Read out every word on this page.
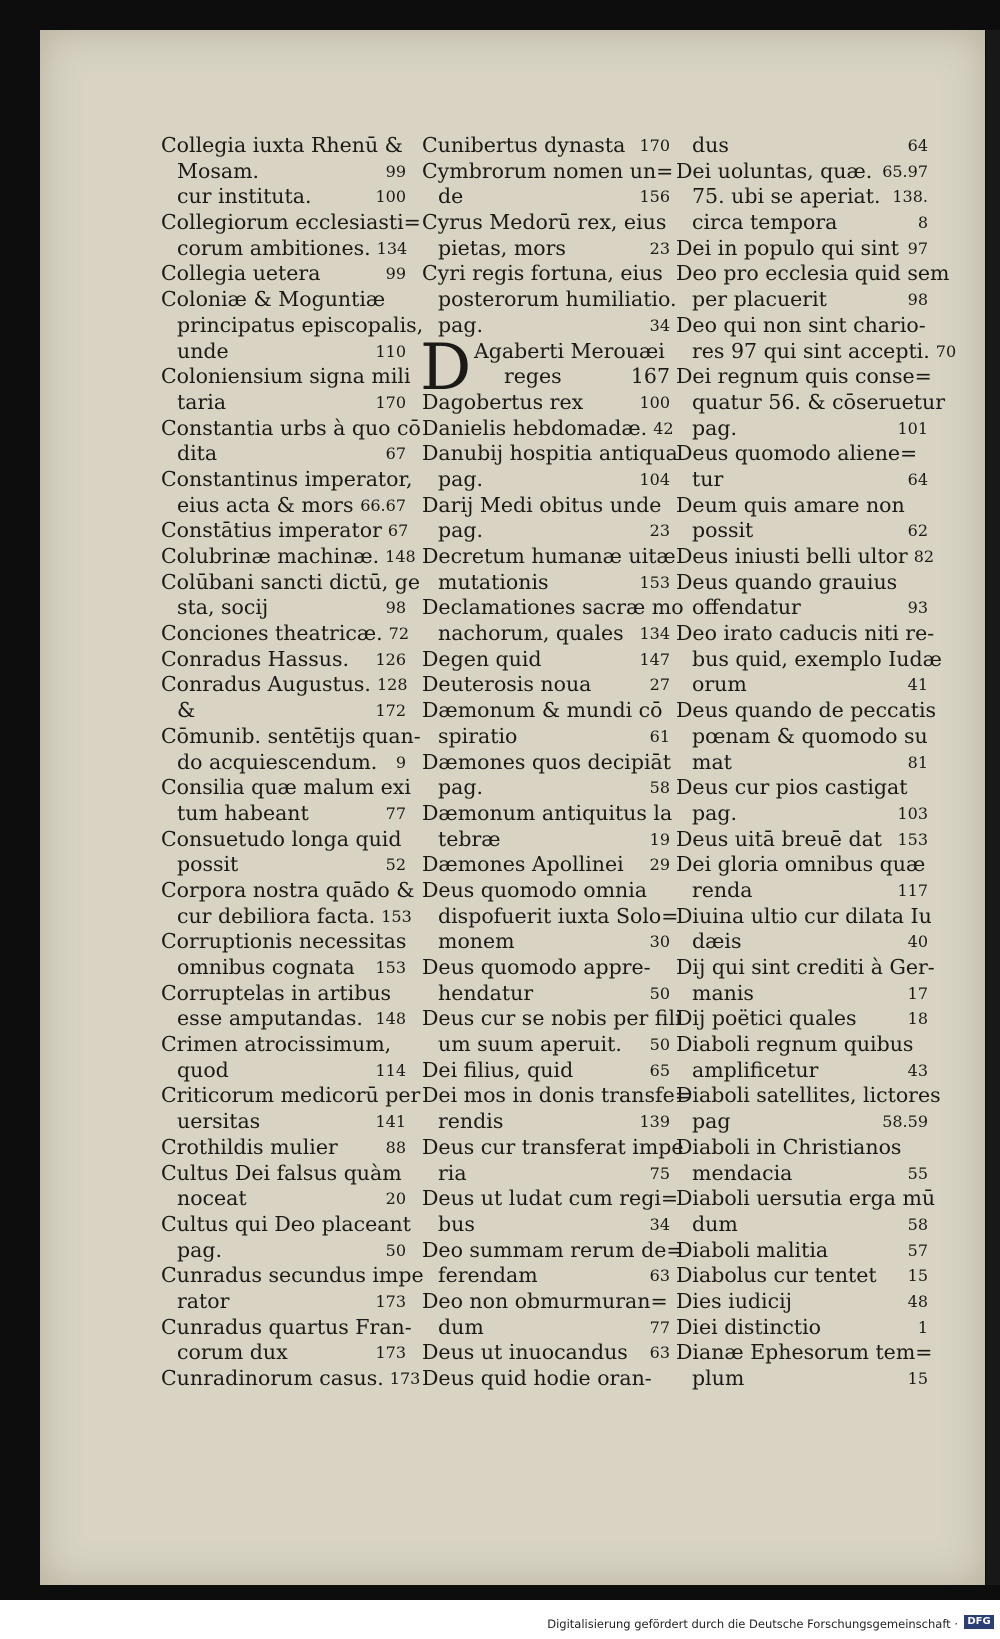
Collegia iuxta Rhenū &
Mosam.	99
cur instituta.	100
Collegiorum ecclesiasti=
corum ambitiones. 134
Collegia uetera	99
Coloniæ & Moguntiæ
principatus episcopalis,
unde	110
Coloniensium signa mili
taria	170
Constantia urbs à quo cō
dita	67
Constantinus imperator,
eius acta & mors 66.67
Constātius imperator 67
Colubrinæ machinæ. 148
Colūbani sancti dictū, ge
sta, socij	98
Conciones theatricæ. 72
Conradus Hassus.	126
Conradus Augustus. 128
&	172
Cōmunib. sentētijs quan-
do acquiescendum.	9
Consilia quæ malum exi
tum habeant	77
Consuetudo longa quid
possit	52
Corpora nostra quādo &
cur debiliora facta. 153
Corruptionis necessitas
omnibus cognata	153
Corruptelas in artibus
esse amputandas. 148
Crimen atrocissimum,
quod	114
Criticorum medicorū per
uersitas	141
Crothildis mulier	88
Cultus Dei falsus quàm
noceat	20
Cultus qui Deo placeant
pag.	50
Cunradus secundus impe
rator	173
Cunradus quartus Fran-
corum dux	173
Cunradinorum casus. 173
Cunibertus dynasta 170
Cymbrorum nomen un=
de	156
Cyrus Medorū rex, eius
pietas, mors	23
Cyri regis fortuna, eius
posterorum humiliatio.
pag.	34
D Agaberti Merouæi
reges	167
Dagobertus rex	100
Danielis hebdomadæ. 42
Danubij hospitia antiqua
pag.	104
Darij Medi obitus unde
pag.	23
Decretum humanæ uitæ
mutationis	153
Declamationes sacræ mo
nachorum, quales 134
Degen quid	147
Deuterosis noua	27
Dæmonum & mundi cō
spiratio	61
Dæmones quos decipiāt
pag.	58
Dæmonum antiquitus la
tebræ	19
Dæmones Apollinei	29
Deus quomodo omnia
dispofuerit iuxta Solo=
monem	30
Deus quomodo appre-
hendatur	50
Deus cur se nobis per fili
um suum aperuit.	50
Dei filius, quid	65
Dei mos in donis transfe=
rendis	139
Deus cur transferat impe
ria	75
Deus ut ludat cum regi=
bus	34
Deo summam rerum de=
ferendam	63
Deo non obmurmuran=
dum	77
Deus ut inuocandus	63
Deus quid hodie oran-
dus	64
Dei uoluntas, quæ. 65.97
75. ubi se aperiat. 138.
circa tempora	8
Dei in populo qui sint 97
Deo pro ecclesia quid sem
per placuerit	98
Deo qui non sint chario-
res 97 qui sint accepti. 70
Dei regnum quis conse=
quatur 56. & cōseruetur
pag.	101
Deus quomodo aliene=
tur	64
Deum quis amare non
possit	62
Deus iniusti belli ultor 82
Deus quando grauius
offendatur	93
Deo irato caducis niti re-
bus quid, exemplo Iudæ
orum	41
Deus quando de peccatis
pœnam & quomodo su
mat	81
Deus cur pios castigat
pag.	103
Deus uitā breuē dat 153
Dei gloria omnibus quæ
renda	117
Diuina ultio cur dilata Iu
dæis	40
Dij qui sint crediti à Ger-
manis	17
Dij poëtici quales	18
Diaboli regnum quibus
amplificetur	43
Diaboli satellites, lictores
pag	58.59
Diaboli in Christianos
mendacia	55
Diaboli uersutia erga mū
dum	58
Diaboli malitia	57
Diabolus cur tentet	15
Dies iudicij	48
Diei distinctio	1
Dianæ Ephesorum tem=
plum	15
Digitalisierung gefördert durch die Deutsche Forschungsgemeinschaft · DFG
